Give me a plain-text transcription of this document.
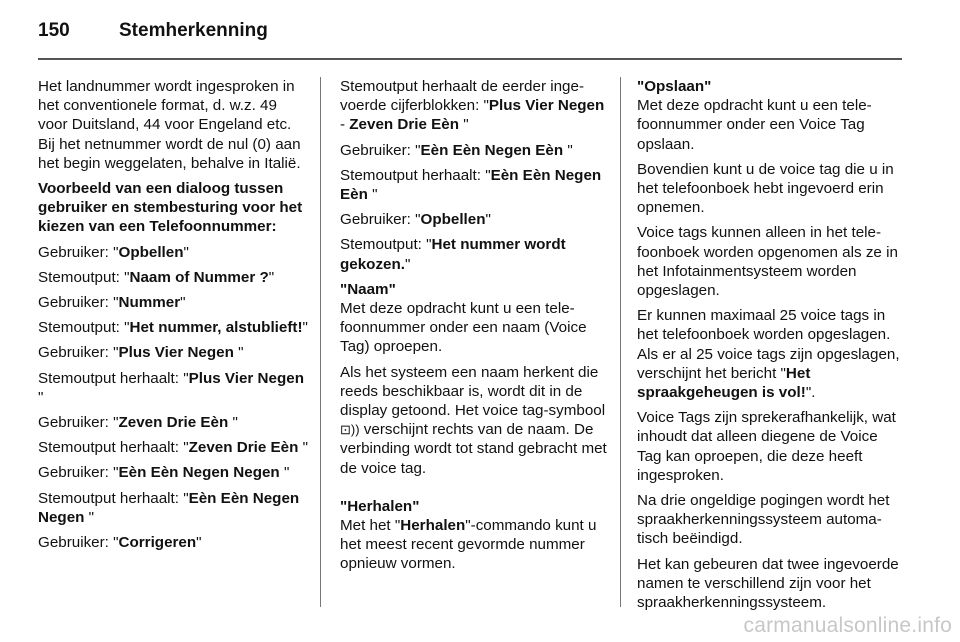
150	Stemherkenning

Het landnummer wordt ingesproken in het conventionele format, d. w.z. 49 voor Duitsland, 44 voor Engeland etc. Bij het netnummer wordt de nul (0) aan het begin weggelaten, behalve in Italië.

Voorbeeld van een dialoog tussen gebruiker en stembesturing voor het kiezen van een Telefoonnummer:

Gebruiker: "Opbellen"

Stemoutput: "Naam of Nummer ?"

Gebruiker: "Nummer"

Stemoutput: "Het nummer, alstublieft!"

Gebruiker: "Plus Vier Negen "

Stemoutput herhaalt: "Plus Vier Negen "

Gebruiker: "Zeven Drie Eèn "

Stemoutput herhaalt: "Zeven Drie Eèn "

Gebruiker: "Eèn Eèn Negen Negen "

Stemoutput herhaalt: "Eèn Eèn Negen Negen "

Gebruiker: "Corrigeren"

Stemoutput herhaalt de eerder ingevoerde cijferblokken: "Plus Vier Negen - Zeven Drie Eèn "

Gebruiker: "Eèn Eèn Negen Eèn "

Stemoutput herhaalt: "Eèn Eèn Negen Eèn "

Gebruiker: "Opbellen"

Stemoutput: "Het nummer wordt gekozen."

"Naam"

Met deze opdracht kunt u een telefoonnummer onder een naam (Voice Tag) oproepen.

Als het systeem een naam herkent die reeds beschikbaar is, wordt dit in de display getoond. Het voice tag-symbool ⊡)) verschijnt rechts van de naam. De verbinding wordt tot stand gebracht met de voice tag.

"Herhalen"

Met het "Herhalen"-commando kunt u het meest recent gevormde nummer opnieuw vormen.

"Opslaan"

Met deze opdracht kunt u een telefoonnummer onder een Voice Tag opslaan.

Bovendien kunt u de voice tag die u in het telefoonboek hebt ingevoerd erin opnemen.

Voice tags kunnen alleen in het telefoonboek worden opgenomen als ze in het Infotainmentsysteem worden opgeslagen.

Er kunnen maximaal 25 voice tags in het telefoonboek worden opgeslagen. Als er al 25 voice tags zijn opgeslagen, verschijnt het bericht "Het spraakgeheugen is vol!".

Voice Tags zijn sprekerafhankelijk, wat inhoudt dat alleen diegene de Voice Tag kan oproepen, die deze heeft ingesproken.

Na drie ongeldige pogingen wordt het spraakherkenningssysteem automatisch beëindigd.

Het kan gebeuren dat twee ingevoerde namen te verschillend zijn voor het spraakherkenningssysteem.

carmanualsonline.info
